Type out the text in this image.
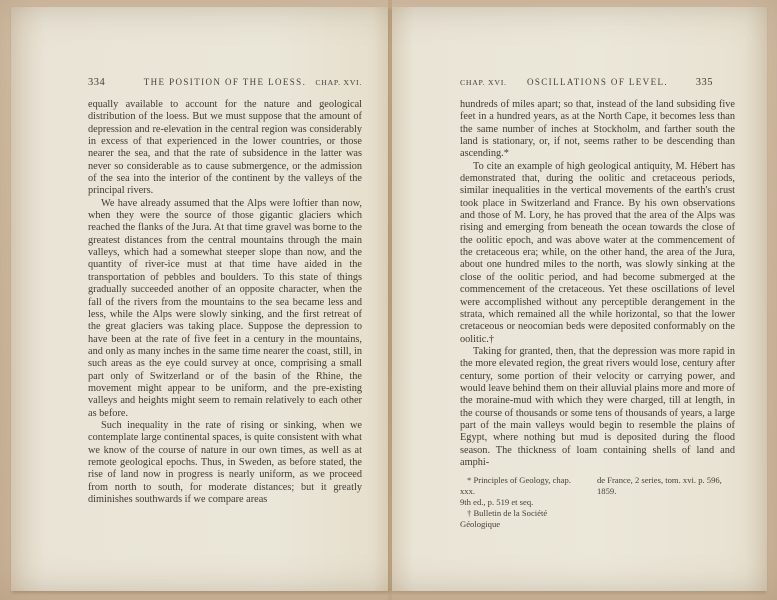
334	THE POSITION OF THE LOESS.	CHAP. XVI.

equally available to account for the nature and geological distribution of the loess. But we must suppose that the amount of depression and re-elevation in the central region was considerably in excess of that experienced in the lower countries, or those nearer the sea, and that the rate of subsidence in the latter was never so considerable as to cause submergence, or the admission of the sea into the interior of the continent by the valleys of the principal rivers.

We have already assumed that the Alps were loftier than now, when they were the source of those gigantic glaciers which reached the flanks of the Jura. At that time gravel was borne to the greatest distances from the central mountains through the main valleys, which had a somewhat steeper slope than now, and the quantity of river-ice must at that time have aided in the transportation of pebbles and boulders. To this state of things gradually succeeded another of an opposite character, when the fall of the rivers from the mountains to the sea became less and less, while the Alps were slowly sinking, and the first retreat of the great glaciers was taking place. Suppose the depression to have been at the rate of five feet in a century in the mountains, and only as many inches in the same time nearer the coast, still, in such areas as the eye could survey at once, comprising a small part only of Switzerland or of the basin of the Rhine, the movement might appear to be uniform, and the pre-existing valleys and heights might seem to remain relatively to each other as before.

Such inequality in the rate of rising or sinking, when we contemplate large continental spaces, is quite consistent with what we know of the course of nature in our own times, as well as at remote geological epochs. Thus, in Sweden, as before stated, the rise of land now in progress is nearly uniform, as we proceed from north to south, for moderate distances; but it greatly diminishes southwards if we compare areas

CHAP. XVI.	OSCILLATIONS OF LEVEL.	335

hundreds of miles apart; so that, instead of the land subsiding five feet in a hundred years, as at the North Cape, it becomes less than the same number of inches at Stockholm, and farther south the land is stationary, or, if not, seems rather to be descending than ascending.*

To cite an example of high geological antiquity, M. Hébert has demonstrated that, during the oolitic and cretaceous periods, similar inequalities in the vertical movements of the earth's crust took place in Switzerland and France. By his own observations and those of M. Lory, he has proved that the area of the Alps was rising and emerging from beneath the ocean towards the close of the oolitic epoch, and was above water at the commencement of the cretaceous era; while, on the other hand, the area of the Jura, about one hundred miles to the north, was slowly sinking at the close of the oolitic period, and had become submerged at the commencement of the cretaceous. Yet these oscillations of level were accomplished without any perceptible derangement in the strata, which remained all the while horizontal, so that the lower cretaceous or neocomian beds were deposited conformably on the oolitic.†

Taking for granted, then, that the depression was more rapid in the more elevated region, the great rivers would lose, century after century, some portion of their velocity or carrying power, and would leave behind them on their alluvial plains more and more of the moraine-mud with which they were charged, till at length, in the course of thousands or some tens of thousands of years, a large part of the main valleys would begin to resemble the plains of Egypt, where nothing but mud is deposited during the flood season. The thickness of loam containing shells of land and amphi-

* Principles of Geology, chap. xxx.
9th ed., p. 519 et seq.
† Bulletin de la Société Géologique
de France, 2 series, tom. xvi. p. 596,
1859.
